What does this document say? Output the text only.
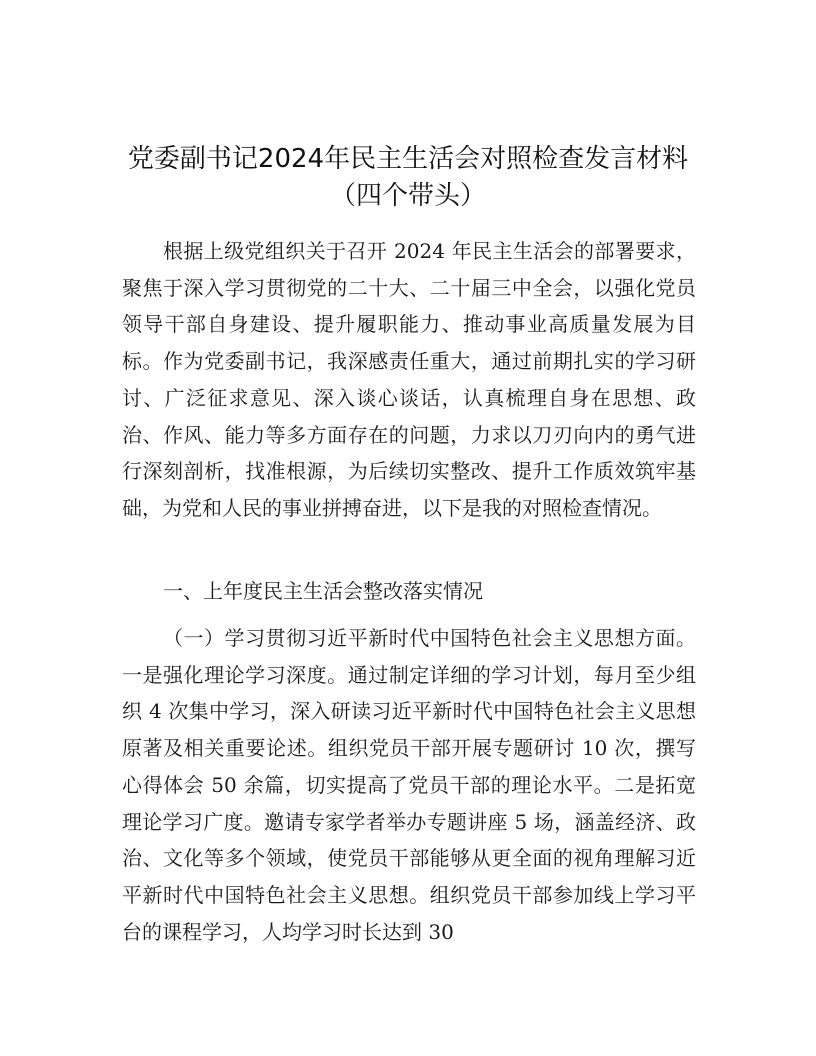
党委副书记2024年民主生活会对照检查发言材料（四个带头）

根据上级党组织关于召开 2024 年民主生活会的部署要求，聚焦于深入学习贯彻党的二十大、二十届三中全会，以强化党员领导干部自身建设、提升履职能力、推动事业高质量发展为目标。作为党委副书记，我深感责任重大，通过前期扎实的学习研讨、广泛征求意见、深入谈心谈话，认真梳理自身在思想、政治、作风、能力等多方面存在的问题，力求以刀刃向内的勇气进行深刻剖析，找准根源，为后续切实整改、提升工作质效筑牢基础，为党和人民的事业拼搏奋进，以下是我的对照检查情况。

一、上年度民主生活会整改落实情况

（一）学习贯彻习近平新时代中国特色社会主义思想方面。一是强化理论学习深度。通过制定详细的学习计划，每月至少组织 4 次集中学习，深入研读习近平新时代中国特色社会主义思想原著及相关重要论述。组织党员干部开展专题研讨 10 次，撰写心得体会 50 余篇，切实提高了党员干部的理论水平。二是拓宽理论学习广度。邀请专家学者举办专题讲座 5 场，涵盖经济、政治、文化等多个领域，使党员干部能够从更全面的视角理解习近平新时代中国特色社会主义思想。组织党员干部参加线上学习平台的课程学习，人均学习时长达到 30
